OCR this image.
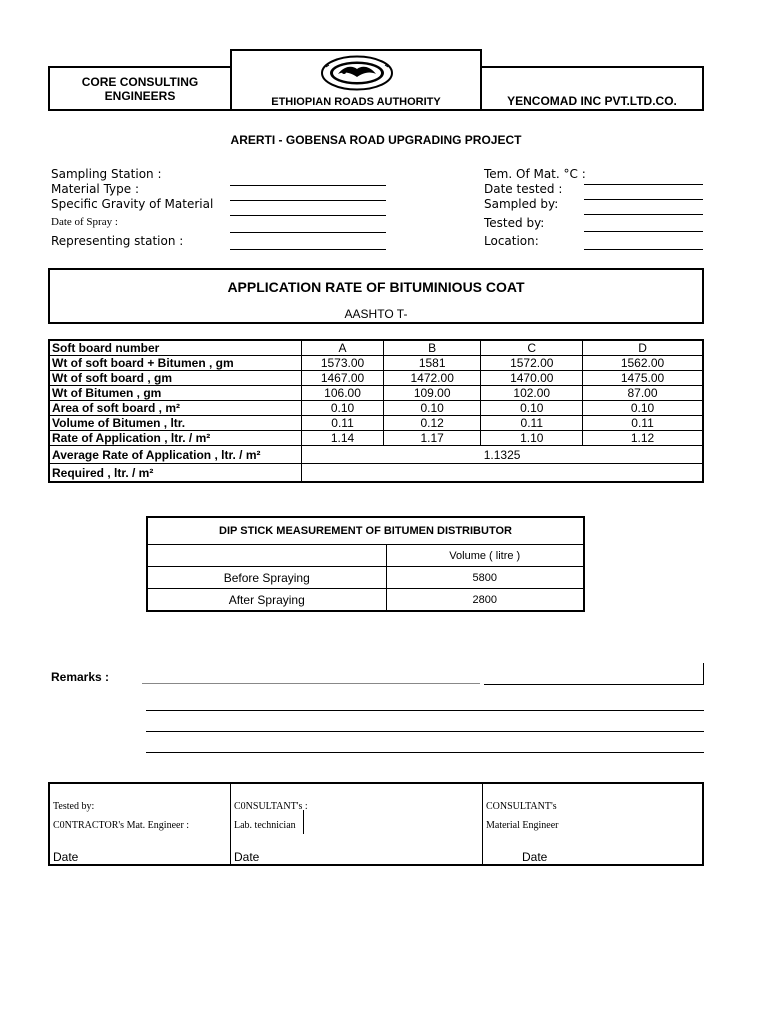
CORE CONSULTING ENGINEERS	ETHIOPIAN ROADS AUTHORITY	YENCOMAD INC PVT.LTD.CO.
ARERTI - GOBENSA ROAD UPGRADING PROJECT
Sampling Station :
Material Type :
Specific Gravity of Material
Date of Spray :
Representing station :
Tem. Of Mat. °C :
Date tested :
Sampled by:
Tested by:
Location:
APPLICATION RATE OF BITUMINIOUS COAT
AASHTO T-
Soft board number	A	B	C	D
Wt of soft board + Bitumen , gm	1573.00	1581	1572.00	1562.00
Wt of soft board , gm	1467.00	1472.00	1470.00	1475.00
Wt of Bitumen , gm	106.00	109.00	102.00	87.00
Area of soft board , m²	0.10	0.10	0.10	0.10
Volume of Bitumen , ltr.	0.11	0.12	0.11	0.11
Rate of Application , ltr. / m²	1.14	1.17	1.10	1.12
Average Rate of Application , ltr. / m²	1.1325			
Required , ltr. / m²				
DIP STICK MEASUREMENT OF BITUMEN DISTRIBUTOR	
	Volume ( litre )
Before Spraying	5800
After Spraying	2800
Remarks :
Tested by:
C0NTRACTOR's Mat. Engineer :
Date
C0NSULTANT's :
Lab. technician
Date
CONSULTANT's
Material Engineer
Date
